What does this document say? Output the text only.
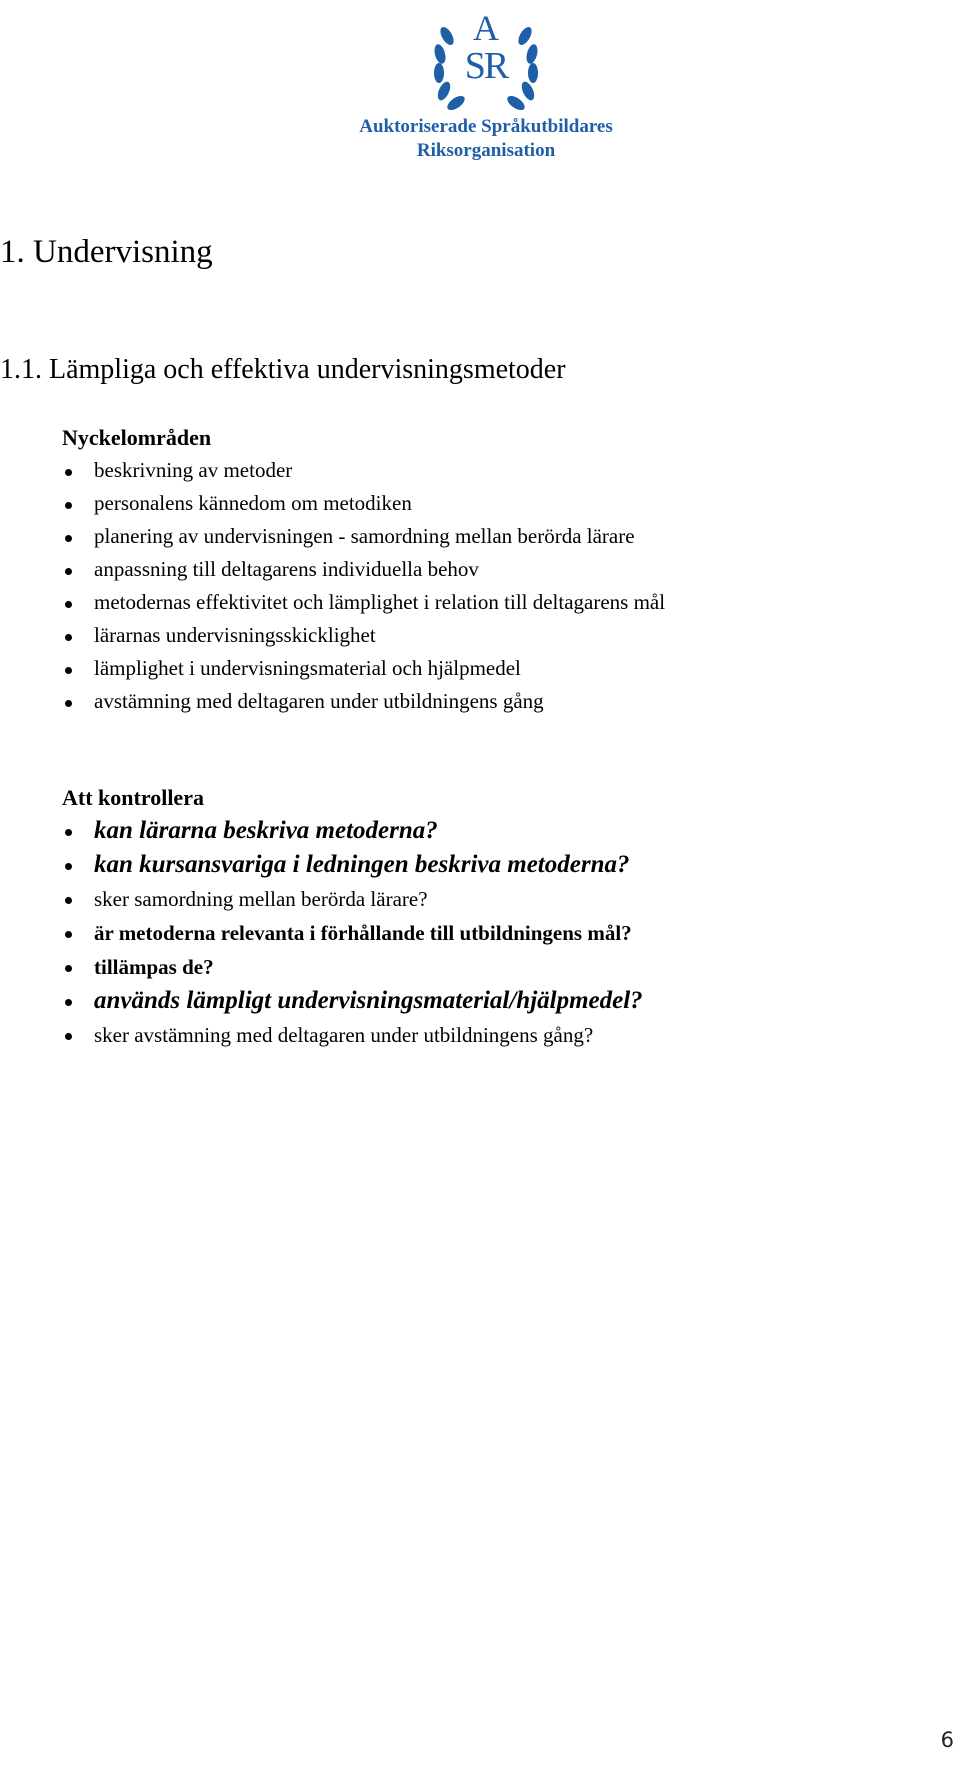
A
SR
Auktoriserade Språkutbildares
Riksorganisation
1. Undervisning
1.1. Lämpliga och effektiva undervisningsmetoder
Nyckelområden
beskrivning av metoder
personalens kännedom om metodiken
planering av undervisningen - samordning mellan berörda lärare
anpassning till deltagarens individuella behov
metodernas effektivitet och lämplighet i relation till deltagarens mål
lärarnas undervisningsskicklighet
lämplighet i undervisningsmaterial och hjälpmedel
avstämning med deltagaren under utbildningens gång
Att kontrollera
kan lärarna beskriva metoderna?
kan kursansvariga i ledningen beskriva metoderna?
sker samordning mellan berörda lärare?
är metoderna relevanta i förhållande till utbildningens mål?
tillämpas de?
används lämpligt undervisningsmaterial/hjälpmedel?
sker avstämning med deltagaren under utbildningens gång?
6
